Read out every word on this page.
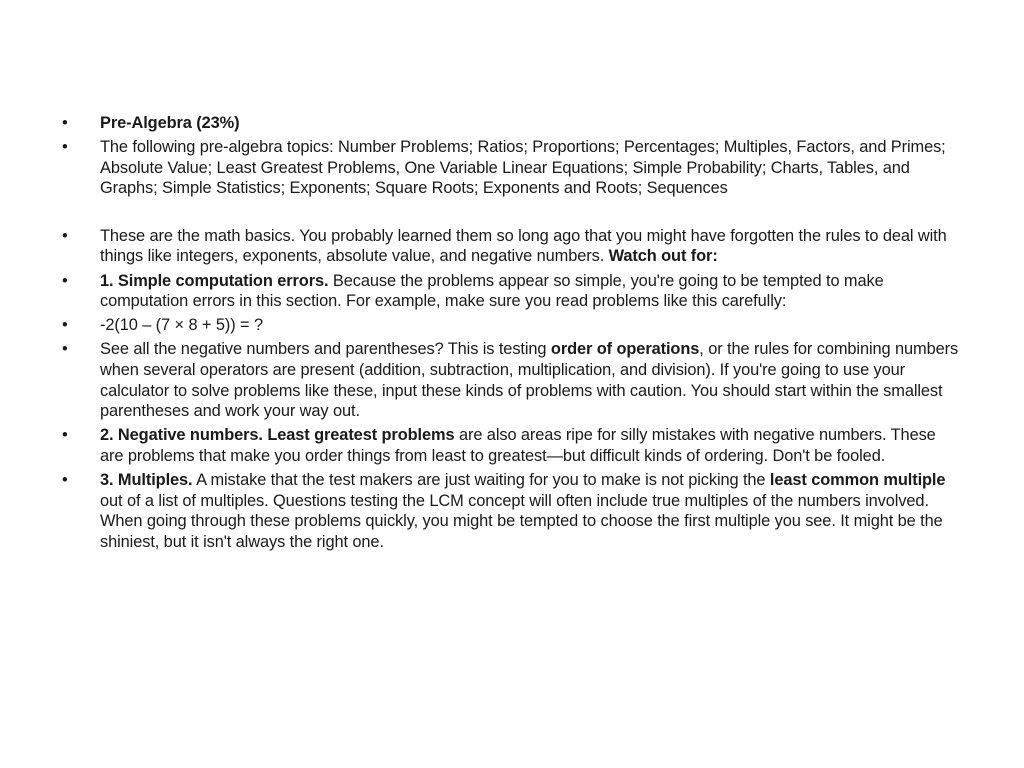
•	Pre-Algebra (23%)
•	The following pre-algebra topics: Number Problems; Ratios; Proportions; Percentages; Multiples, Factors, and Primes; Absolute Value; Least Greatest Problems, One Variable Linear Equations; Simple Probability; Charts, Tables, and Graphs; Simple Statistics; Exponents; Square Roots; Exponents and Roots; Sequences
•	These are the math basics. You probably learned them so long ago that you might have forgotten the rules to deal with things like integers, exponents, absolute value, and negative numbers. Watch out for:
•	1. Simple computation errors. Because the problems appear so simple, you're going to be tempted to make computation errors in this section. For example, make sure you read problems like this carefully:
•	-2(10 – (7 × 8 + 5)) = ?
•	See all the negative numbers and parentheses? This is testing order of operations, or the rules for combining numbers when several operators are present (addition, subtraction, multiplication, and division). If you're going to use your calculator to solve problems like these, input these kinds of problems with caution. You should start within the smallest parentheses and work your way out.
•	2. Negative numbers. Least greatest problems are also areas ripe for silly mistakes with negative numbers. These are problems that make you order things from least to greatest—but difficult kinds of ordering. Don't be fooled.
•	3. Multiples. A mistake that the test makers are just waiting for you to make is not picking the least common multiple out of a list of multiples. Questions testing the LCM concept will often include true multiples of the numbers involved. When going through these problems quickly, you might be tempted to choose the first multiple you see. It might be the shiniest, but it isn't always the right one.
